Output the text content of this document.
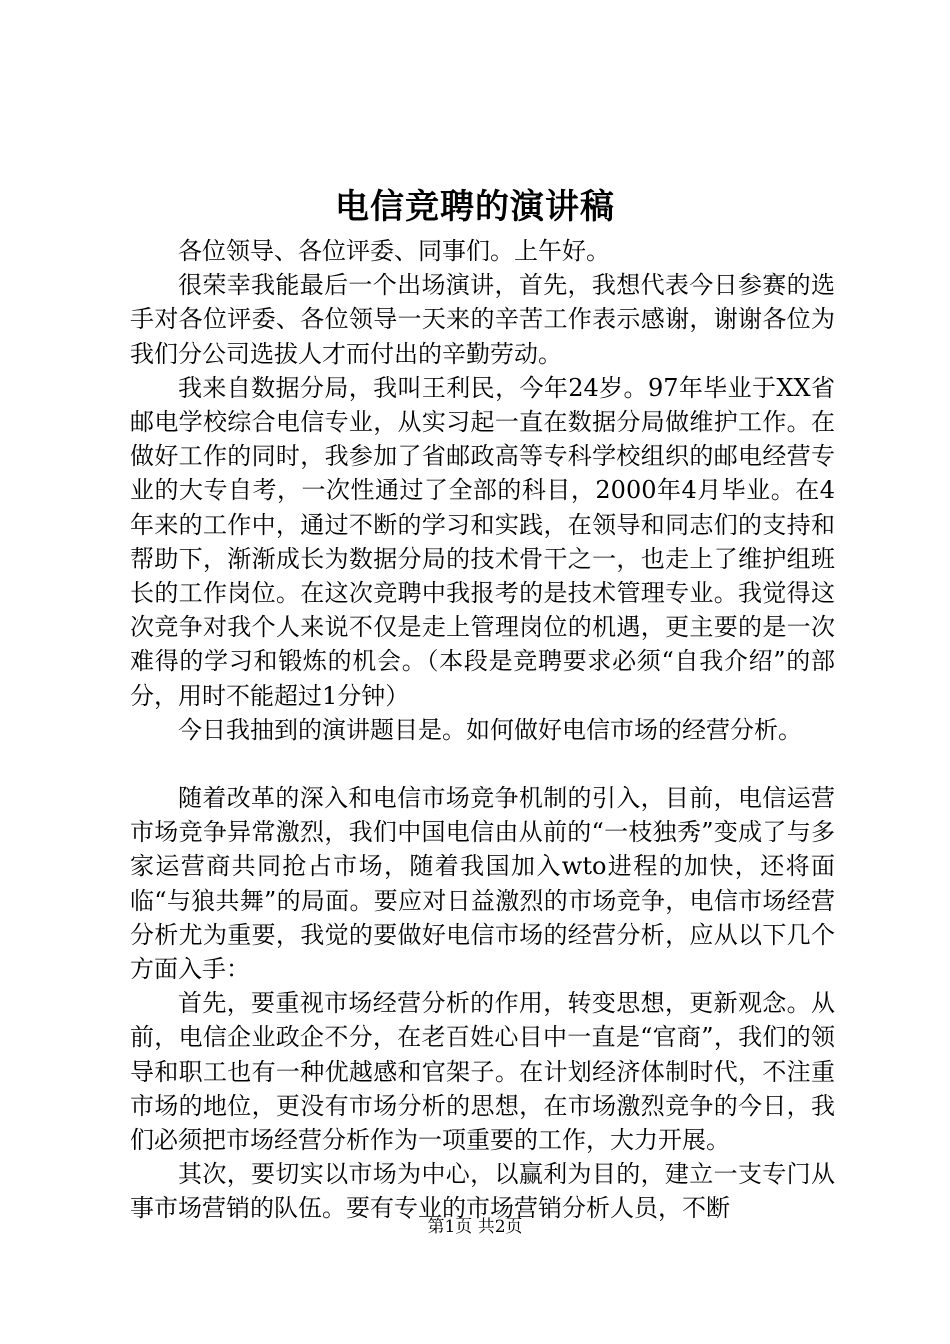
电信竞聘的演讲稿

各位领导、各位评委、同事们。上午好。

很荣幸我能最后一个出场演讲，首先，我想代表今日参赛的选手对各位评委、各位领导一天来的辛苦工作表示感谢，谢谢各位为我们分公司选拔人才而付出的辛勤劳动。

我来自数据分局，我叫王利民，今年24岁。97年毕业于XX省邮电学校综合电信专业，从实习起一直在数据分局做维护工作。在做好工作的同时，我参加了省邮政高等专科学校组织的邮电经营专业的大专自考，一次性通过了全部的科目，2000年4月毕业。在4年来的工作中，通过不断的学习和实践，在领导和同志们的支持和帮助下，渐渐成长为数据分局的技术骨干之一，也走上了维护组班长的工作岗位。在这次竞聘中我报考的是技术管理专业。我觉得这次竞争对我个人来说不仅是走上管理岗位的机遇，更主要的是一次难得的学习和锻炼的机会。（本段是竞聘要求必须“自我介绍”的部分，用时不能超过1分钟）

今日我抽到的演讲题目是。如何做好电信市场的经营分析。

随着改革的深入和电信市场竞争机制的引入，目前，电信运营市场竞争异常激烈，我们中国电信由从前的“一枝独秀”变成了与多家运营商共同抢占市场，随着我国加入wto进程的加快，还将面临“与狼共舞”的局面。要应对日益激烈的市场竞争，电信市场经营分析尤为重要，我觉的要做好电信市场的经营分析，应从以下几个方面入手：

首先，要重视市场经营分析的作用，转变思想，更新观念。从前，电信企业政企不分，在老百姓心目中一直是“官商”，我们的领导和职工也有一种优越感和官架子。在计划经济体制时代，不注重市场的地位，更没有市场分析的思想，在市场激烈竞争的今日，我们必须把市场经营分析作为一项重要的工作，大力开展。

其次，要切实以市场为中心，以赢利为目的，建立一支专门从事市场营销的队伍。要有专业的市场营销分析人员，不断

第1页 共2页
